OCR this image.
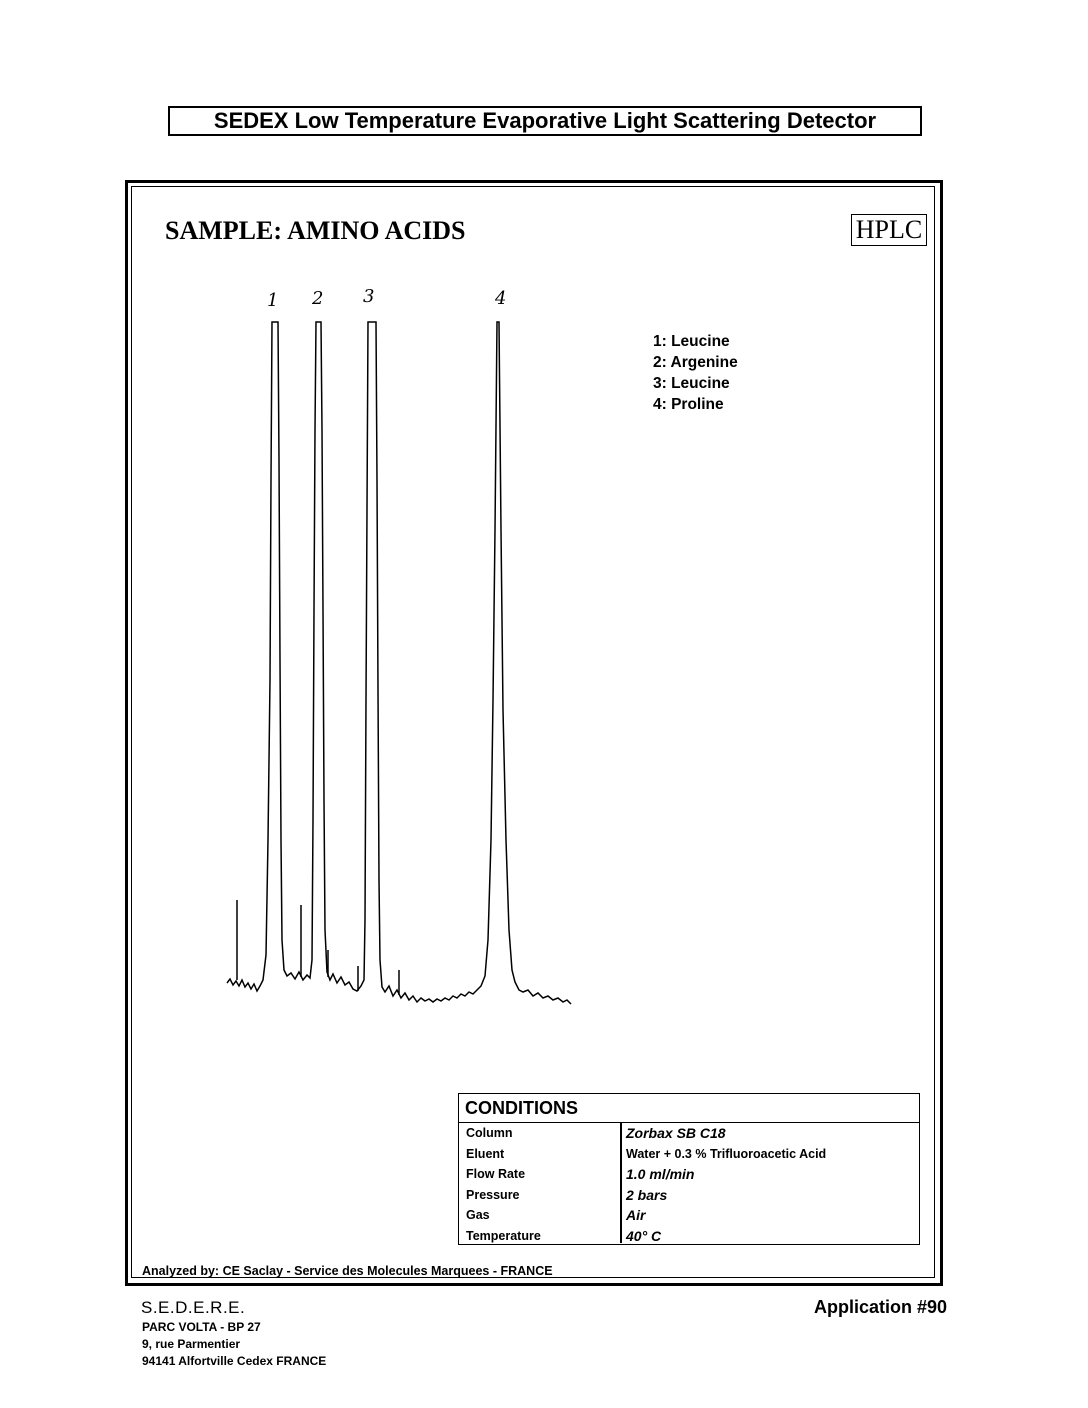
SEDEX Low Temperature Evaporative Light Scattering Detector
SAMPLE: AMINO ACIDS	HPLC
1 2 3	4
1: Leucine
2: Argenine
3: Leucine
4: Proline
CONDITIONS
Column	Zorbax SB C18
Eluent	Water + 0.3 % Trifluoroacetic Acid
Flow Rate	1.0 ml/min
Pressure	2 bars
Gas	Air
Temperature	40° C
Analyzed by: CE Saclay - Service des Molecules Marquees - FRANCE
S.E.D.E.R.E.
PARC VOLTA - BP 27
9, rue Parmentier
94141 Alfortville Cedex FRANCE
Application #90
